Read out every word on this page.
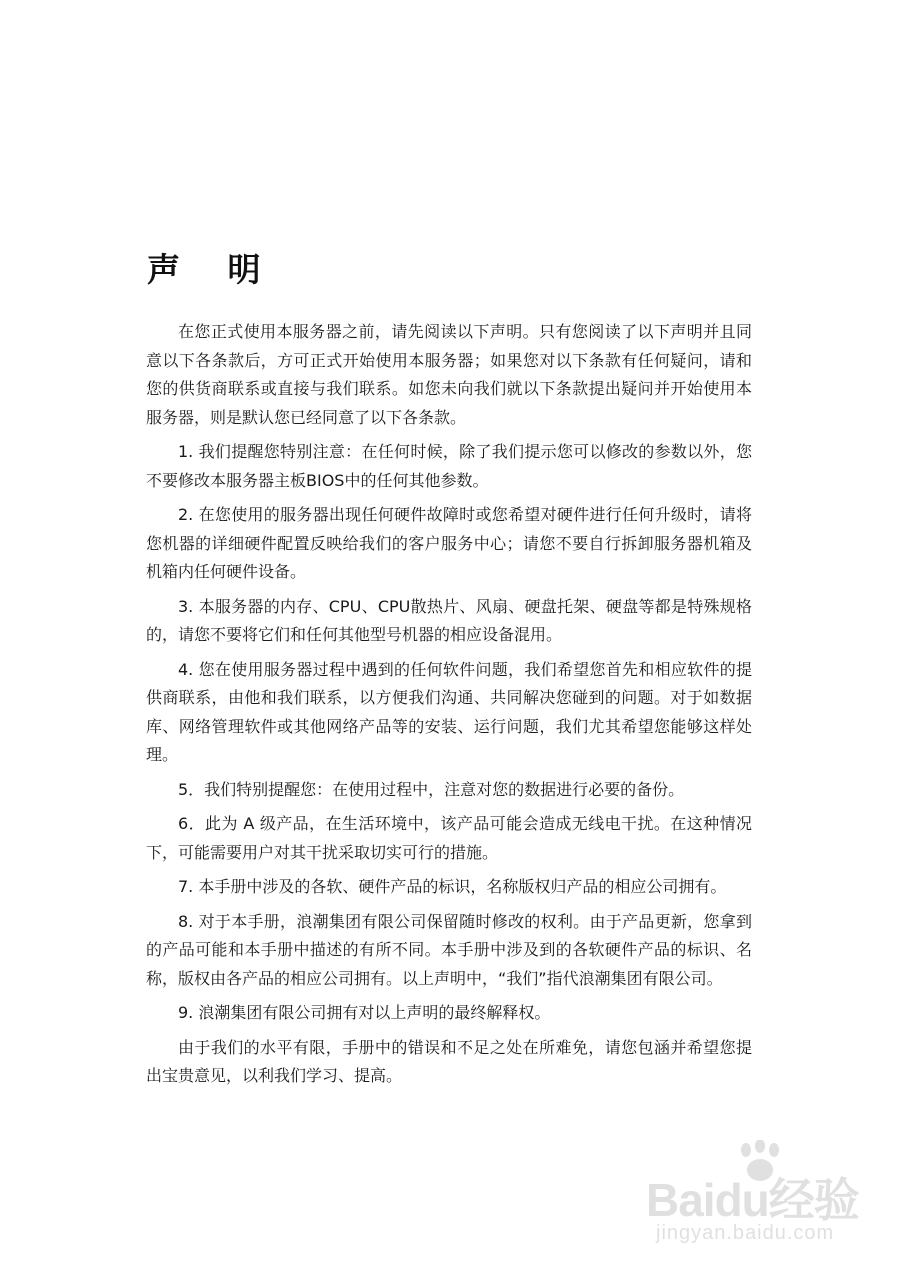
声 明

在您正式使用本服务器之前，请先阅读以下声明。只有您阅读了以下声明并且同意以下各条款后，方可正式开始使用本服务器；如果您对以下条款有任何疑问，请和您的供货商联系或直接与我们联系。如您未向我们就以下条款提出疑问并开始使用本服务器，则是默认您已经同意了以下各条款。

1. 我们提醒您特别注意：在任何时候，除了我们提示您可以修改的参数以外，您不要修改本服务器主板BIOS中的任何其他参数。

2. 在您使用的服务器出现任何硬件故障时或您希望对硬件进行任何升级时，请将您机器的详细硬件配置反映给我们的客户服务中心；请您不要自行拆卸服务器机箱及机箱内任何硬件设备。

3. 本服务器的内存、CPU、CPU散热片、风扇、硬盘托架、硬盘等都是特殊规格的，请您不要将它们和任何其他型号机器的相应设备混用。

4. 您在使用服务器过程中遇到的任何软件问题，我们希望您首先和相应软件的提供商联系，由他和我们联系，以方便我们沟通、共同解决您碰到的问题。对于如数据库、网络管理软件或其他网络产品等的安装、运行问题，我们尤其希望您能够这样处理。

5．我们特别提醒您：在使用过程中，注意对您的数据进行必要的备份。

6．此为 A 级产品，在生活环境中，该产品可能会造成无线电干扰。在这种情况下，可能需要用户对其干扰采取切实可行的措施。

7. 本手册中涉及的各软、硬件产品的标识，名称版权归产品的相应公司拥有。

8. 对于本手册，浪潮集团有限公司保留随时修改的权利。由于产品更新，您拿到的产品可能和本手册中描述的有所不同。本手册中涉及到的各软硬件产品的标识、名称，版权由各产品的相应公司拥有。以上声明中，“我们”指代浪潮集团有限公司。

9. 浪潮集团有限公司拥有对以上声明的最终解释权。

由于我们的水平有限，手册中的错误和不足之处在所难免，请您包涵并希望您提出宝贵意见，以利我们学习、提高。

Baidu经验
jingyan.baidu.com
